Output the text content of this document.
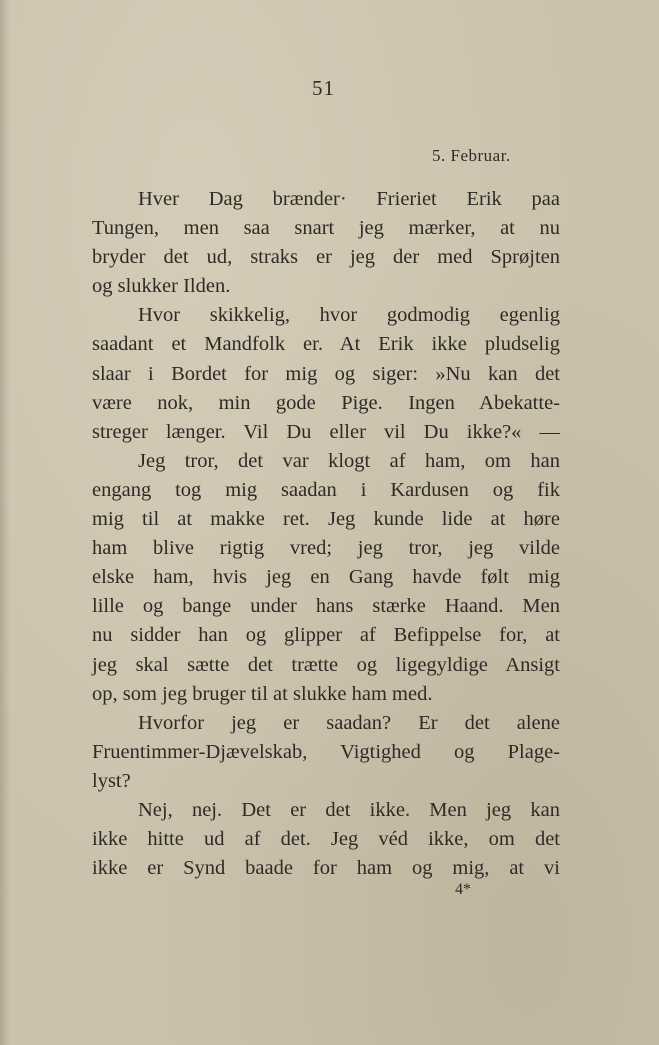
51
5. Februar.
Hver Dag brænder· Frieriet Erik paa
Tungen, men saa snart jeg mærker, at nu
bryder det ud, straks er jeg der med Sprøjten
og slukker Ilden.
Hvor skikkelig, hvor godmodig egenlig
saadant et Mandfolk er. At Erik ikke pludselig
slaar i Bordet for mig og siger: »Nu kan det
være nok, min gode Pige. Ingen Abekatte-
streger længer. Vil Du eller vil Du ikke?« —
Jeg tror, det var klogt af ham, om han
engang tog mig saadan i Kardusen og fik
mig til at makke ret. Jeg kunde lide at høre
ham blive rigtig vred; jeg tror, jeg vilde
elske ham, hvis jeg en Gang havde følt mig
lille og bange under hans stærke Haand. Men
nu sidder han og glipper af Befippelse for, at
jeg skal sætte det trætte og ligegyldige Ansigt
op, som jeg bruger til at slukke ham med.
Hvorfor jeg er saadan? Er det alene
Fruentimmer-Djævelskab, Vigtighed og Plage-
lyst?
Nej, nej. Det er det ikke. Men jeg kan
ikke hitte ud af det. Jeg véd ikke, om det
ikke er Synd baade for ham og mig, at vi
4*
